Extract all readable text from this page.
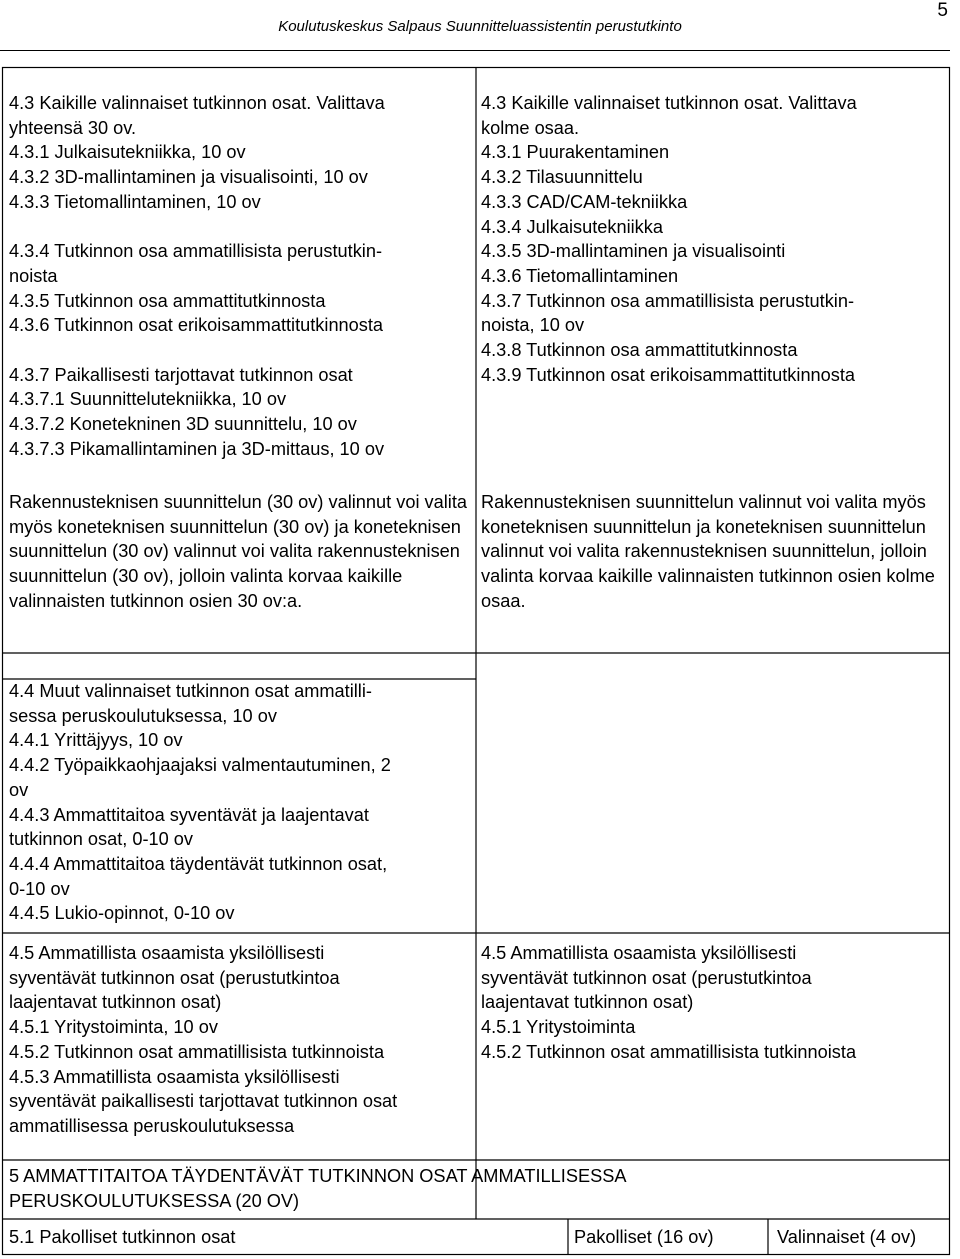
Koulutuskeskus Salpaus Suunnitteluassistentin perustutkinto
5
4.3 Kaikille valinnaiset tutkinnon osat. Valittava
yhteensä 30 ov.
4.3.1 Julkaisutekniikka, 10 ov
4.3.2 3D-mallintaminen ja visualisointi, 10 ov
4.3.3 Tietomallintaminen, 10 ov
4.3.4 Tutkinnon osa ammatillisista perustutkin-
noista
4.3.5 Tutkinnon osa ammattitutkinnosta
4.3.6 Tutkinnon osat erikoisammattitutkinnosta
4.3.7 Paikallisesti tarjottavat tutkinnon osat
4.3.7.1 Suunnittelutekniikka, 10 ov
4.3.7.2 Konetekninen 3D suunnittelu, 10 ov
4.3.7.3 Pikamallintaminen ja 3D-mittaus, 10 ov
Rakennusteknisen suunnittelun (30 ov) valinnut voi valita myös koneteknisen suunnittelun (30 ov) ja koneteknisen suunnittelun (30 ov) valinnut voi valita rakennusteknisen suunnittelun (30 ov), jolloin valinta korvaa kaikille valinnaisten tutkinnon osien 30 ov:a.
4.3 Kaikille valinnaiset tutkinnon osat. Valittava
kolme osaa.
4.3.1 Puurakentaminen
4.3.2 Tilasuunnittelu
4.3.3 CAD/CAM-tekniikka
4.3.4 Julkaisutekniikka
4.3.5 3D-mallintaminen ja visualisointi
4.3.6 Tietomallintaminen
4.3.7 Tutkinnon osa ammatillisista perustutkin-
noista, 10 ov
4.3.8 Tutkinnon osa ammattitutkinnosta
4.3.9 Tutkinnon osat erikoisammattitutkinnosta
Rakennusteknisen suunnittelun valinnut voi valita myös koneteknisen suunnittelun ja koneteknisen suunnittelun valinnut voi valita rakennusteknisen suunnittelun, jolloin valinta korvaa kaikille valinnaisten tutkinnon osien kolme osaa.
4.4 Muut valinnaiset tutkinnon osat ammatilli-
sessa peruskoulutuksessa, 10 ov
4.4.1 Yrittäjyys, 10 ov
4.4.2 Työpaikkaohjaajaksi valmentautuminen, 2
ov
4.4.3 Ammattitaitoa syventävät ja laajentavat
tutkinnon osat, 0-10 ov
4.4.4 Ammattitaitoa täydentävät tutkinnon osat,
0-10 ov
4.4.5 Lukio-opinnot, 0-10 ov
4.5 Ammatillista osaamista yksilöllisesti
syventävät tutkinnon osat (perustutkintoa
laajentavat tutkinnon osat)
4.5.1 Yritystoiminta, 10 ov
4.5.2 Tutkinnon osat ammatillisista tutkinnoista
4.5.3 Ammatillista osaamista yksilöllisesti
syventävät paikallisesti tarjottavat tutkinnon osat
ammatillisessa peruskoulutuksessa
4.5 Ammatillista osaamista yksilöllisesti
syventävät tutkinnon osat (perustutkintoa
laajentavat tutkinnon osat)
4.5.1 Yritystoiminta
4.5.2 Tutkinnon osat ammatillisista tutkinnoista
5 AMMATTITAITOA TÄYDENTÄVÄT TUTKINNON OSAT AMMATILLISESSA
PERUSKOULUTUKSESSA (20 OV)
5.1 Pakolliset tutkinnon osat	Pakolliset (16 ov)	Valinnaiset (4 ov)
